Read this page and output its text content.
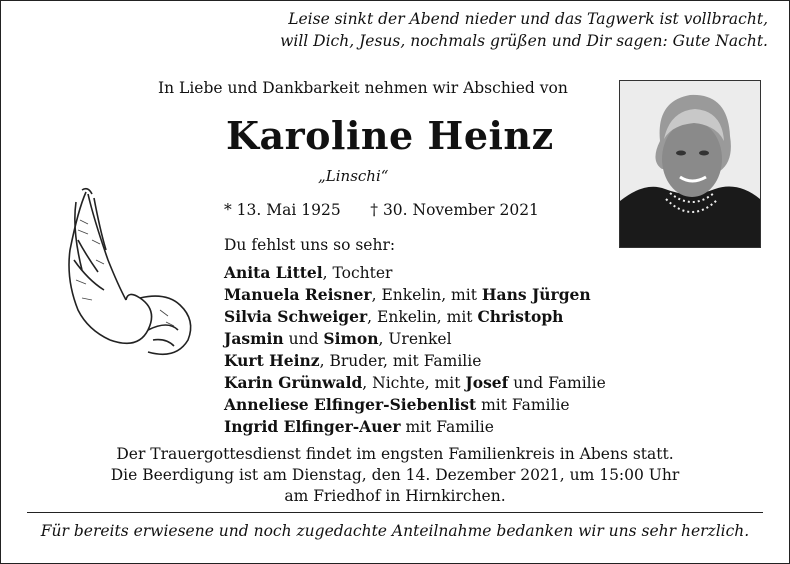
Leise sinkt der Abend nieder und das Tagwerk ist vollbracht,
will Dich, Jesus, nochmals grüßen und Dir sagen: Gute Nacht.
In Liebe und Dankbarkeit nehmen wir Abschied von
Karoline Heinz
„Linschi“
* 13. Mai 1925 † 30. November 2021
Du fehlst uns so sehr:
Anita Littel, Tochter
Manuela Reisner, Enkelin, mit Hans Jürgen
Silvia Schweiger, Enkelin, mit Christoph
Jasmin und Simon, Urenkel
Kurt Heinz, Bruder, mit Familie
Karin Grünwald, Nichte, mit Josef und Familie
Anneliese Elfinger-Siebenlist mit Familie
Ingrid Elfinger-Auer mit Familie
Der Trauergottesdienst findet im engsten Familienkreis in Abens statt.
Die Beerdigung ist am Dienstag, den 14. Dezember 2021, um 15:00 Uhr
am Friedhof in Hirnkirchen.
Für bereits erwiesene und noch zugedachte Anteilnahme bedanken wir uns sehr herzlich.
